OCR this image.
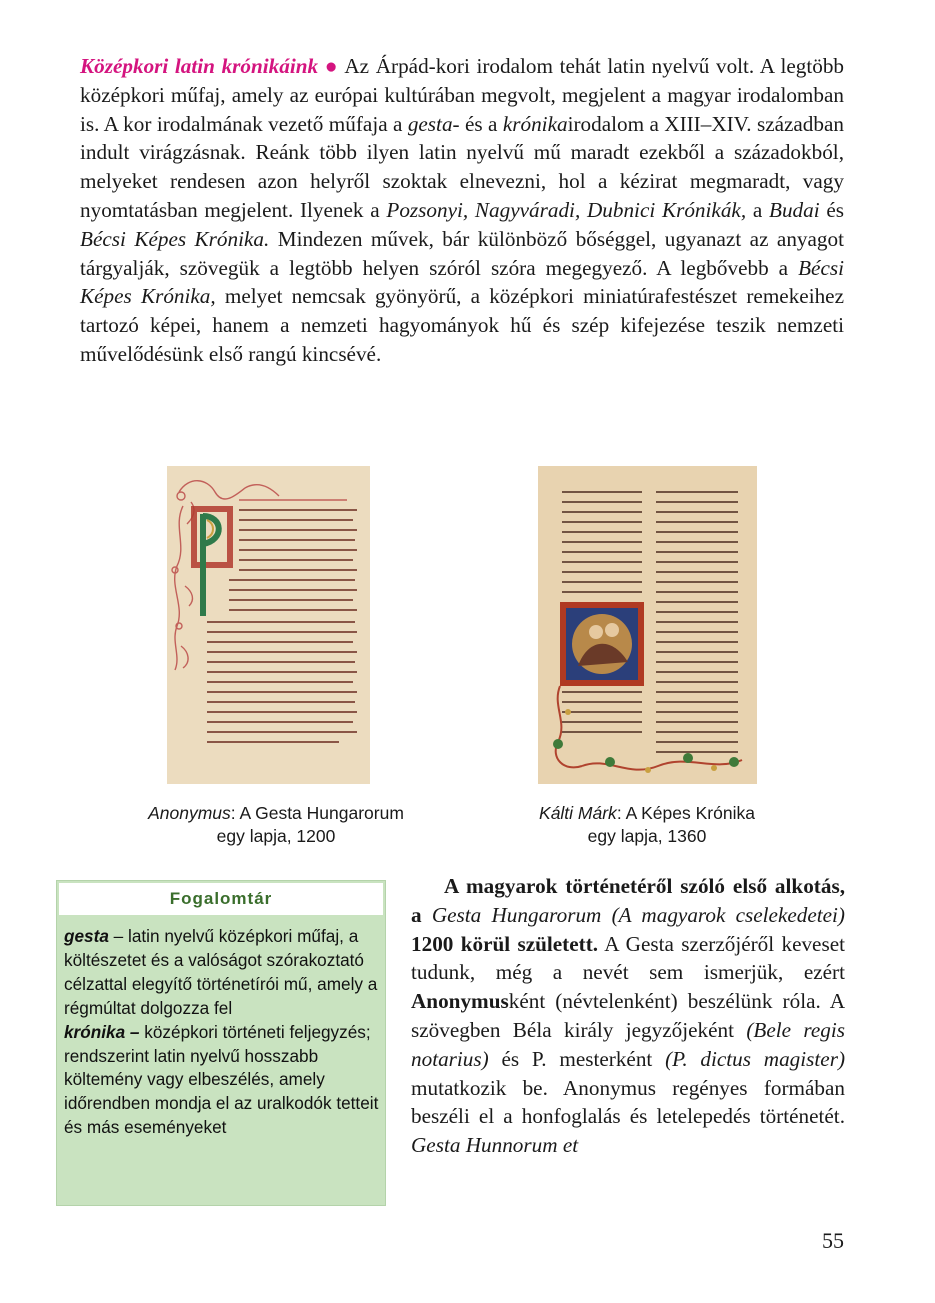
Középkori latin krónikáink ● Az Árpád-kori irodalom tehát latin nyelvű volt. A legtöbb középkori műfaj, amely az európai kultúrában megvolt, megjelent a magyar irodalomban is. A kor irodalmának vezető műfaja a gesta- és a krónikairodalom a XIII–XIV. században indult virágzásnak. Reánk több ilyen latin nyelvű mű maradt ezekből a századokból, melyeket rendesen azon helyről szoktak elnevezni, hol a kézirat megmaradt, vagy nyomtatásban megjelent. Ilyenek a Pozsonyi, Nagyváradi, Dubnici Krónikák, a Budai és Bécsi Képes Krónika. Mindezen művek, bár különböző bőséggel, ugyanazt az anyagot tárgyalják, szövegük a legtöbb helyen szóról szóra megegyező. A legbővebb a Bécsi Képes Krónika, melyet nemcsak gyönyörű, a középkori miniatúrafestészet remekeihez tartozó képei, hanem a nemzeti hagyományok hű és szép kifejezése teszik nemzeti művelődésünk első rangú kincsévé.

Anonymus: A Gesta Hungarorum
egy lapja, 1200

Kálti Márk: A Képes Krónika
egy lapja, 1360

Fogalomtár
gesta – latin nyelvű középkori műfaj, a költészetet és a valóságot szórakoztató célzattal elegyítő történetírói mű, amely a régmúltat dolgozza fel
krónika – középkori történeti feljegyzés; rendszerint latin nyelvű hosszabb költemény vagy elbeszélés, amely időrendben mondja el az uralkodók tetteit és más eseményeket

A magyarok történetéről szóló első alkotás, a Gesta Hungarorum (A magyarok cselekedetei) 1200 körül született. A Gesta szerzőjéről keveset tudunk, még a nevét sem ismerjük, ezért Anonymusként (névtelenként) beszélünk róla. A szövegben Béla király jegyzőjeként (Bele regis notarius) és P. mesterként (P. dictus magister) mutatkozik be. Anonymus regényes formában beszéli el a honfoglalás és letelepedés történetét. Gesta Hunnorum et

55
